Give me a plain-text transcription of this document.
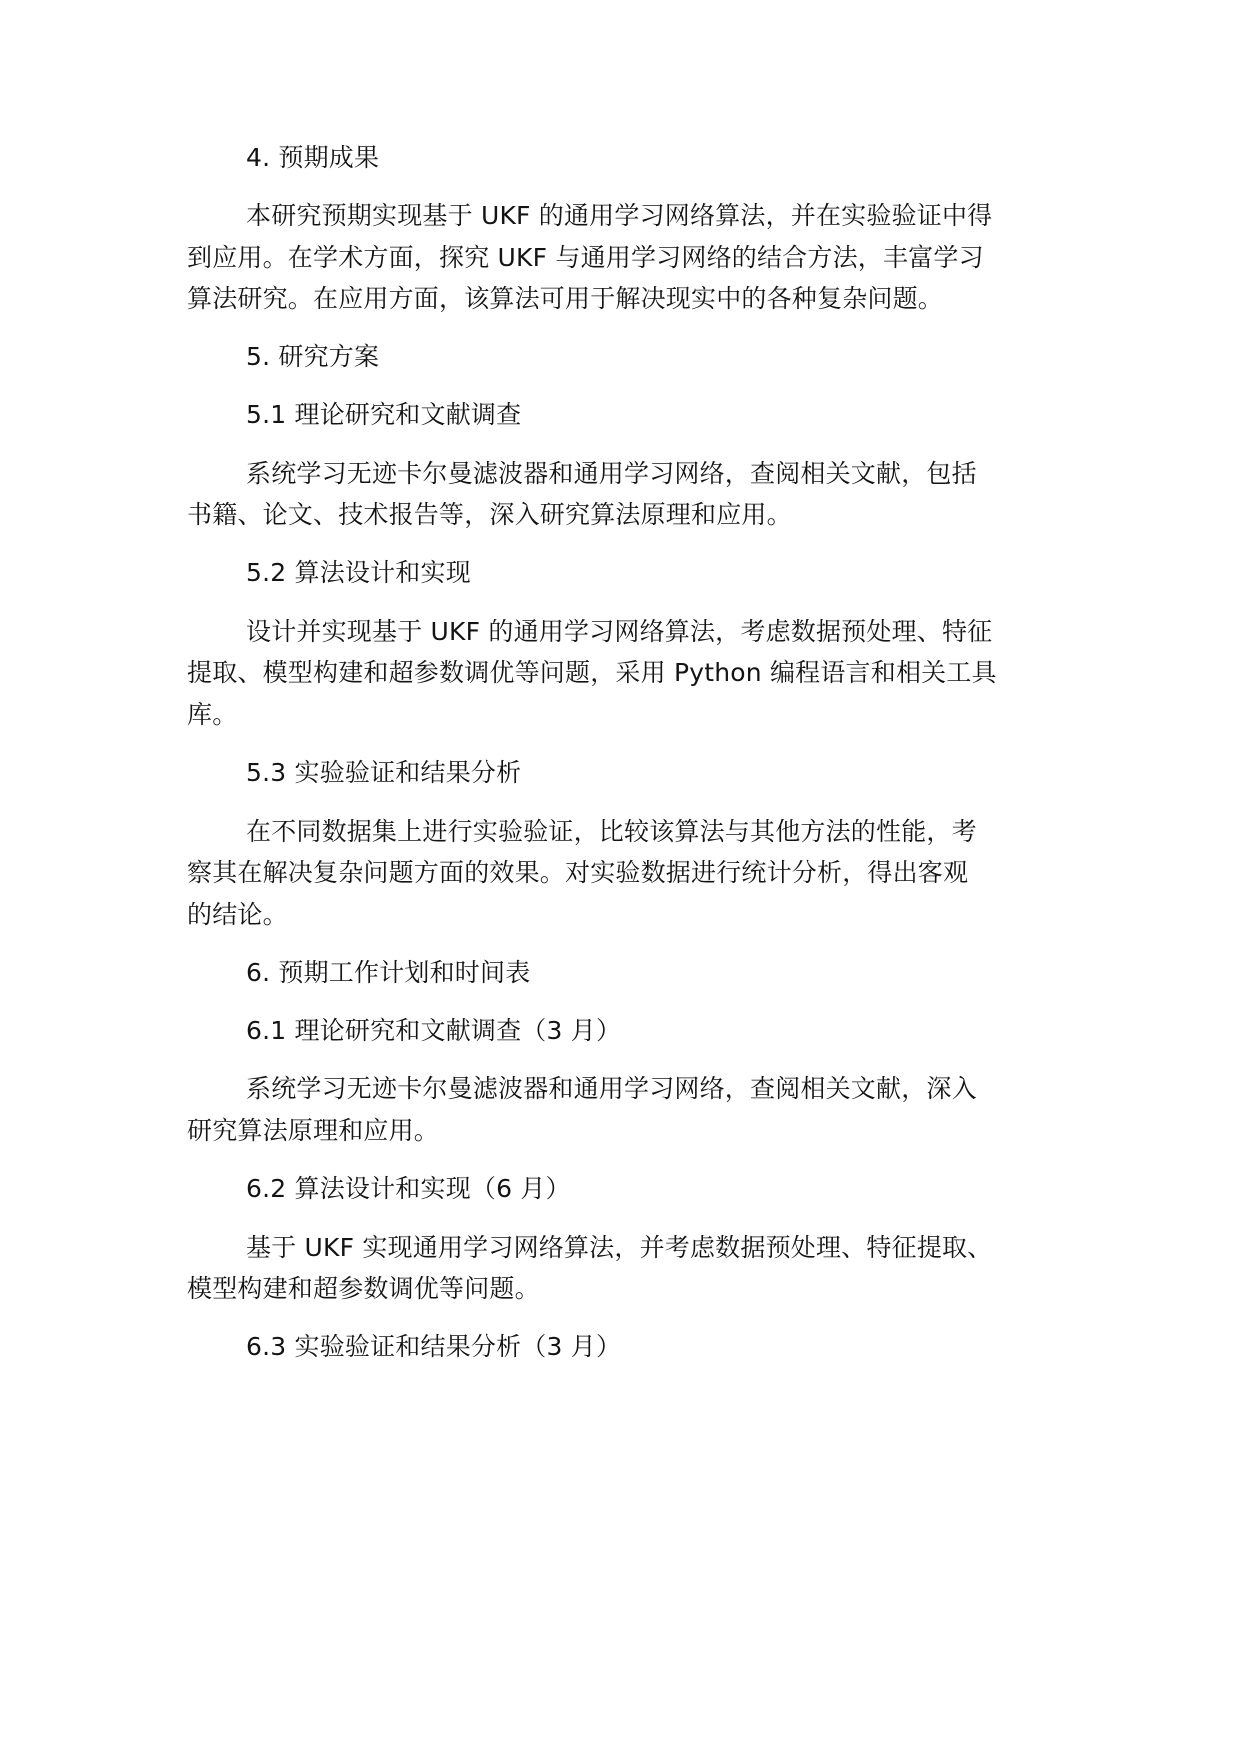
4. 预期成果
本研究预期实现基于 UKF 的通用学习网络算法，并在实验验证中得
到应用。在学术方面，探究 UKF 与通用学习网络的结合方法，丰富学习
算法研究。在应用方面，该算法可用于解决现实中的各种复杂问题。
5. 研究方案
5.1 理论研究和文献调查
系统学习无迹卡尔曼滤波器和通用学习网络，查阅相关文献，包括
书籍、论文、技术报告等，深入研究算法原理和应用。
5.2 算法设计和实现
设计并实现基于 UKF 的通用学习网络算法，考虑数据预处理、特征
提取、模型构建和超参数调优等问题，采用 Python 编程语言和相关工具
库。
5.3 实验验证和结果分析
在不同数据集上进行实验验证，比较该算法与其他方法的性能，考
察其在解决复杂问题方面的效果。对实验数据进行统计分析，得出客观
的结论。
6. 预期工作计划和时间表
6.1 理论研究和文献调查（3 月）
系统学习无迹卡尔曼滤波器和通用学习网络，查阅相关文献，深入
研究算法原理和应用。
6.2 算法设计和实现（6 月）
基于 UKF 实现通用学习网络算法，并考虑数据预处理、特征提取、
模型构建和超参数调优等问题。
6.3 实验验证和结果分析（3 月）
